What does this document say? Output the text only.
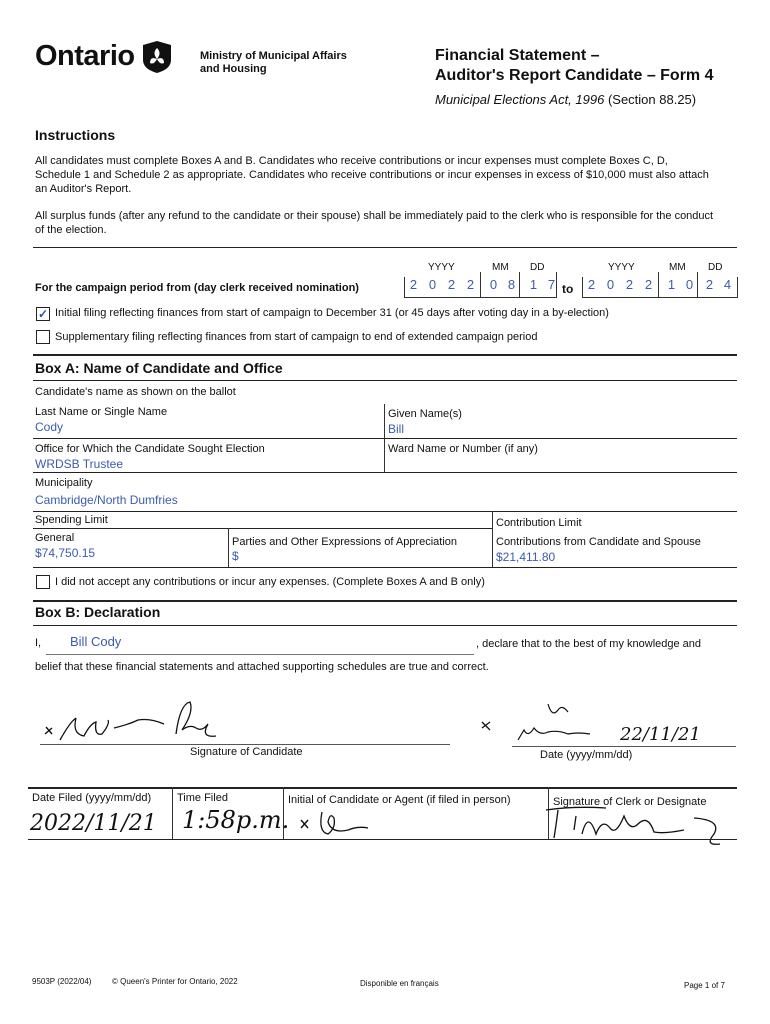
Ontario	Ministry of Municipal Affairs
and Housing
Financial Statement –
Auditor's Report Candidate – Form 4
Municipal Elections Act, 1996 (Section 88.25)
Instructions
All candidates must complete Boxes A and B. Candidates who receive contributions or incur expenses must complete Boxes C, D, Schedule 1 and Schedule 2 as appropriate. Candidates who receive contributions or incur expenses in excess of $10,000 must also attach an Auditor's Report.
All surplus funds (after any refund to the candidate or their spouse) shall be immediately paid to the clerk who is responsible for the conduct of the election.
YYYY	MM DD	YYYY	MM DD
For the campaign period from (day clerk received nomination)	2 0 2 2	0 8	1 7 to	2 0 2 2	1 0 2 4
✓ Initial filing reflecting finances from start of campaign to December 31 (or 45 days after voting day in a by-election)
Supplementary filing reflecting finances from start of campaign to end of extended campaign period
Box A: Name of Candidate and Office
Candidate's name as shown on the ballot
Last Name or Single Name
Cody
Given Name(s)
Bill
Office for Which the Candidate Sought Election
WRDSB Trustee
Ward Name or Number (if any)
Municipality
Cambridge/North Dumfries
Spending Limit	Contribution Limit
General
$74,750.15
Parties and Other Expressions of Appreciation
$
Contributions from Candidate and Spouse
$21,411.80
I did not accept any contributions or incur any expenses. (Complete Boxes A and B only)
Box B: Declaration
I, Bill Cody	, declare that to the best of my knowledge and
belief that these financial statements and attached supporting schedules are true and correct.
Signature of Candidate
22/11/21
Date (yyyy/mm/dd)
Date Filed (yyyy/mm/dd) Time Filed	Initial of Candidate or Agent (if filed in person)	Signature of Clerk or Designate
2022/11/21 1:58p.m.
9503P (2022/04)	© Queen's Printer for Ontario, 2022	Disponible en français	Page 1 of 7
